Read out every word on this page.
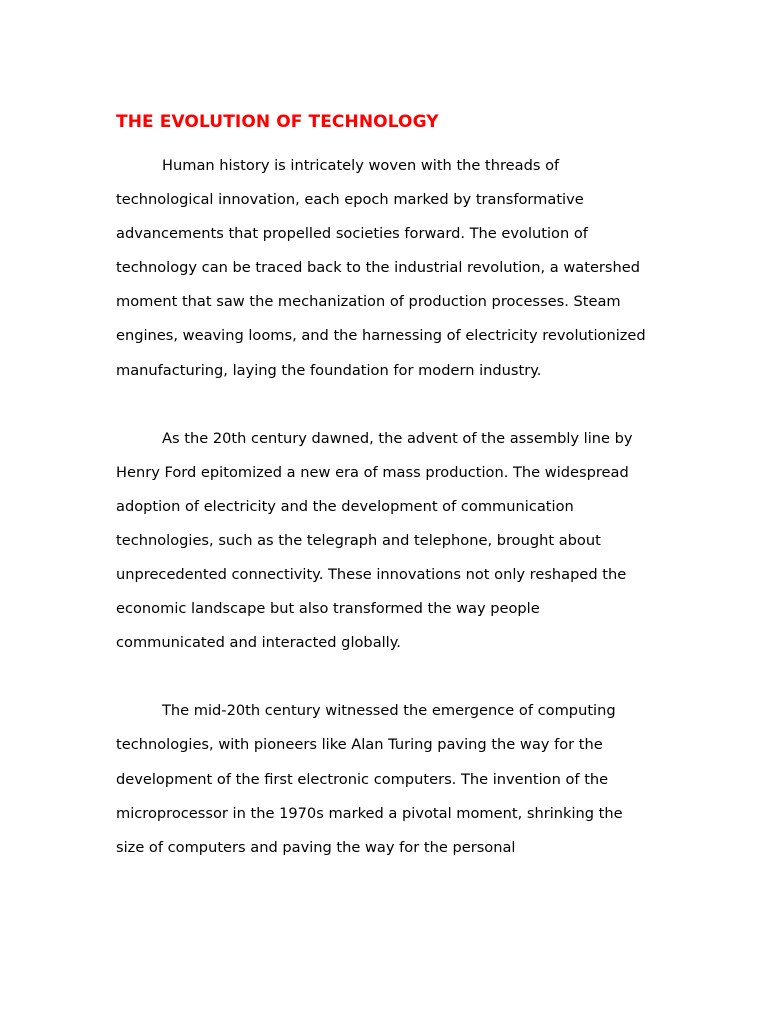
THE EVOLUTION OF TECHNOLOGY

Human history is intricately woven with the threads of technological innovation, each epoch marked by transformative advancements that propelled societies forward. The evolution of technology can be traced back to the industrial revolution, a watershed moment that saw the mechanization of production processes. Steam engines, weaving looms, and the harnessing of electricity revolutionized manufacturing, laying the foundation for modern industry.

As the 20th century dawned, the advent of the assembly line by Henry Ford epitomized a new era of mass production. The widespread adoption of electricity and the development of communication technologies, such as the telegraph and telephone, brought about unprecedented connectivity. These innovations not only reshaped the economic landscape but also transformed the way people communicated and interacted globally.

The mid-20th century witnessed the emergence of computing technologies, with pioneers like Alan Turing paving the way for the development of the first electronic computers. The invention of the microprocessor in the 1970s marked a pivotal moment, shrinking the size of computers and paving the way for the personal
